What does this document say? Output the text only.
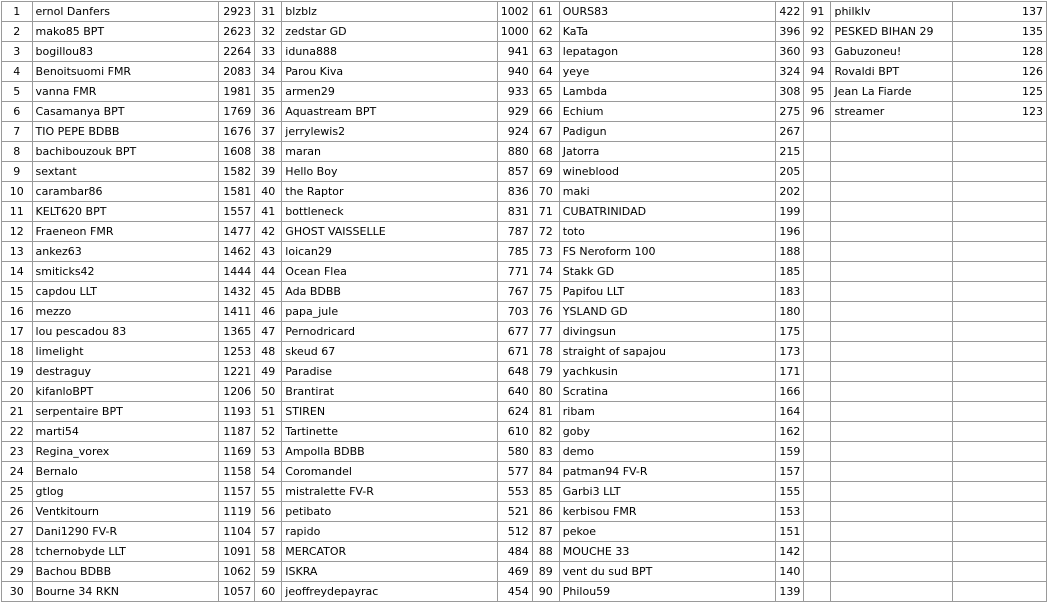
1	ernol Danfers	2923	31	blzblz	1002	61	OURS83	422	91	philklv	137
2	mako85 BPT	2623	32	zedstar GD	1000	62	KaTa	396	92	PESKED BIHAN 29	135
3	bogillou83	2264	33	iduna888	941	63	lepatagon	360	93	Gabuzoneu!	128
4	Benoitsuomi FMR	2083	34	Parou Kiva	940	64	yeye	324	94	Rovaldi BPT	126
5	vanna FMR	1981	35	armen29	933	65	Lambda	308	95	Jean La Fiarde	125
6	Casamanya BPT	1769	36	Aquastream BPT	929	66	Echium	275	96	streamer	123
7	TIO PEPE BDBB	1676	37	jerrylewis2	924	67	Padigun	267			
8	bachibouzouk BPT	1608	38	maran	880	68	Jatorra	215			
9	sextant	1582	39	Hello Boy	857	69	wineblood	205			
10	carambar86	1581	40	the Raptor	836	70	maki	202			
11	KELT620 BPT	1557	41	bottleneck	831	71	CUBATRINIDAD	199			
12	Fraeneon FMR	1477	42	GHOST VAISSELLE	787	72	toto	196			
13	ankez63	1462	43	loican29	785	73	FS Neroform 100	188			
14	smiticks42	1444	44	Ocean Flea	771	74	Stakk GD	185			
15	capdou LLT	1432	45	Ada BDBB	767	75	Papifou LLT	183			
16	mezzo	1411	46	papa_jule	703	76	YSLAND GD	180			
17	lou pescadou 83	1365	47	Pernodricard	677	77	divingsun	175			
18	limelight	1253	48	skeud 67	671	78	straight of sapajou	173			
19	destraguy	1221	49	Paradise	648	79	yachkusin	171			
20	kifanloBPT	1206	50	Brantirat	640	80	Scratina	166			
21	serpentaire BPT	1193	51	STIREN	624	81	ribam	164			
22	marti54	1187	52	Tartinette	610	82	goby	162			
23	Regina_vorex	1169	53	Ampolla BDBB	580	83	demo	159			
24	Bernalo	1158	54	Coromandel	577	84	patman94 FV-R	157			
25	gtlog	1157	55	mistralette FV-R	553	85	Garbi3 LLT	155			
26	Ventkitourn	1119	56	petibato	521	86	kerbisou FMR	153			
27	Dani1290 FV-R	1104	57	rapido	512	87	pekoe	151			
28	tchernobyde LLT	1091	58	MERCATOR	484	88	MOUCHE 33	142			
29	Bachou BDBB	1062	59	ISKRA	469	89	vent du sud BPT	140			
30	Bourne 34 RKN	1057	60	jeoffreydepayrac	454	90	Philou59	139			
